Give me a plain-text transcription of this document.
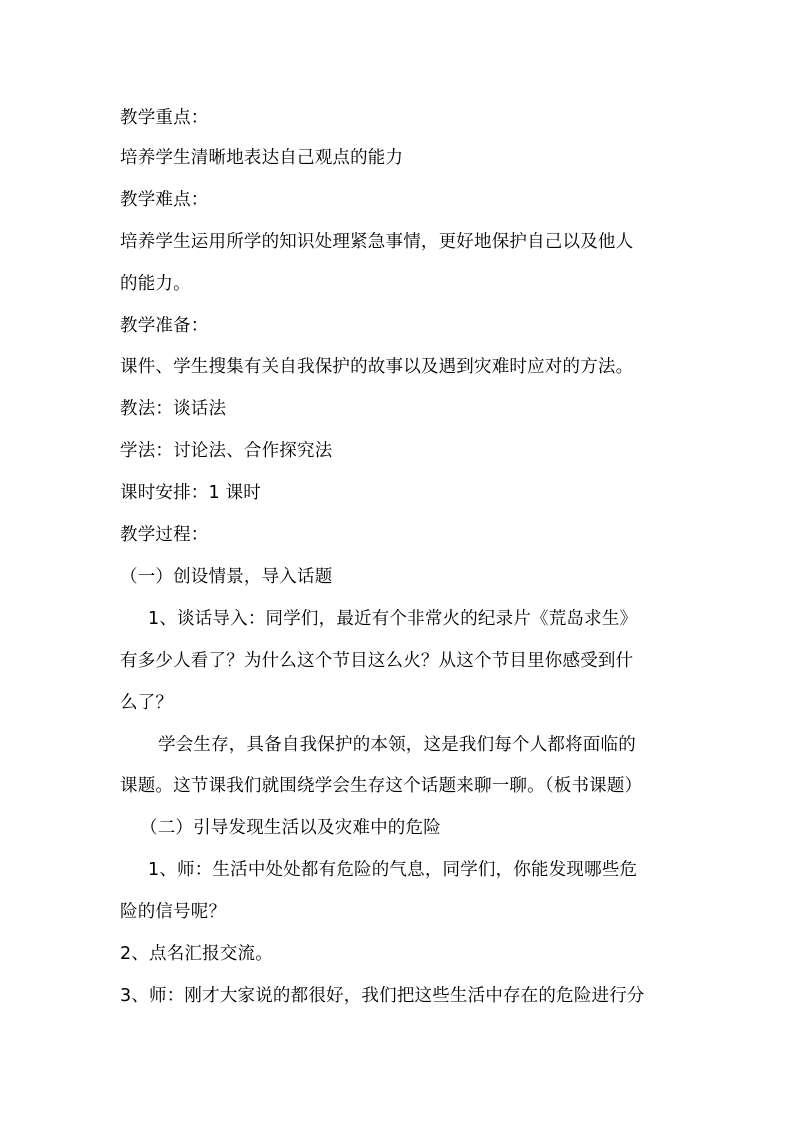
教学重点：
培养学生清晰地表达自己观点的能力
教学难点：
培养学生运用所学的知识处理紧急事情，更好地保护自己以及他人
的能力。
教学准备：
课件、学生搜集有关自我保护的故事以及遇到灾难时应对的方法。
教法：谈话法
学法：讨论法、合作探究法
课时安排：1 课时
教学过程：
（一）创设情景，导入话题
1、谈话导入：同学们，最近有个非常火的纪录片《荒岛求生》
有多少人看了？为什么这个节目这么火？从这个节目里你感受到什
么了？
学会生存，具备自我保护的本领，这是我们每个人都将面临的
课题。这节课我们就围绕学会生存这个话题来聊一聊。（板书课题）
（二）引导发现生活以及灾难中的危险
1、师：生活中处处都有危险的气息，同学们，你能发现哪些危
险的信号呢？
2、点名汇报交流。
3、师：刚才大家说的都很好，我们把这些生活中存在的危险进行分
